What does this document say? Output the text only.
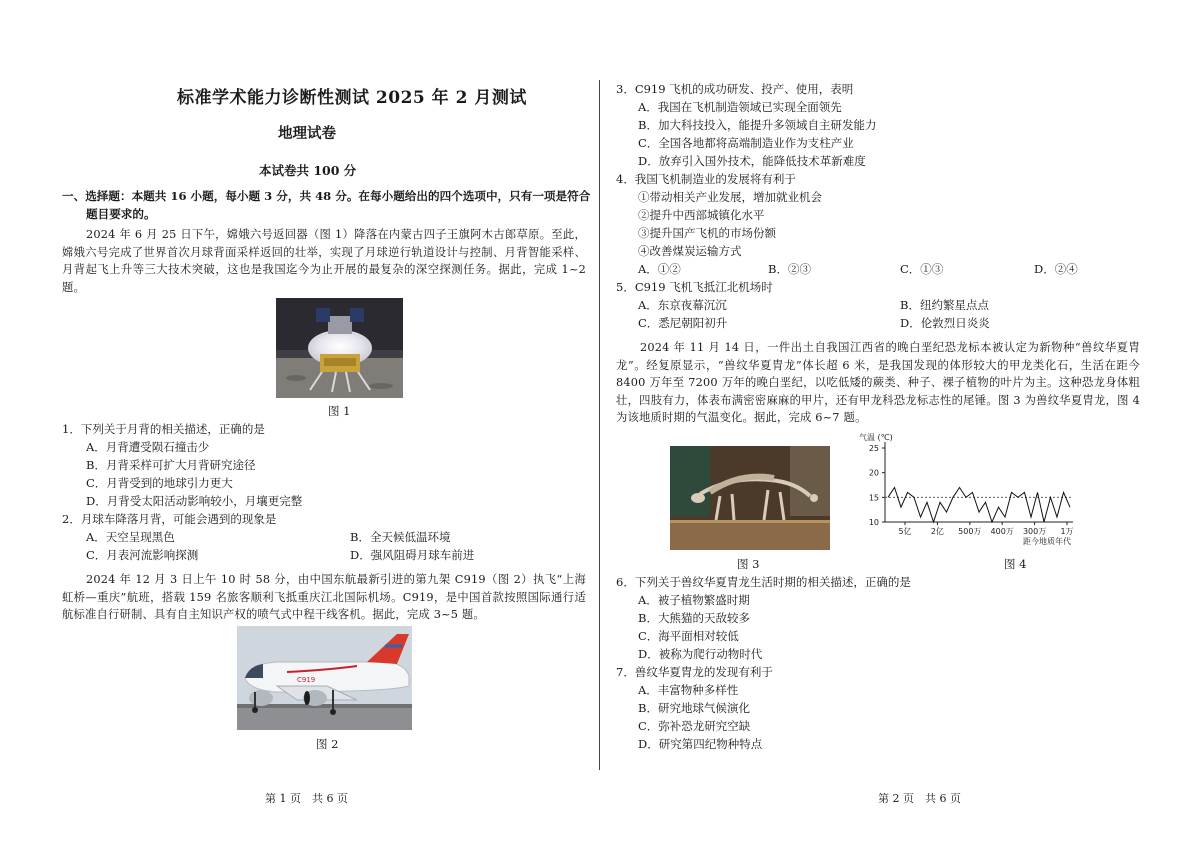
标准学术能力诊断性测试 2025 年 2 月测试
地理试卷
本试卷共 100 分
一、选择题：本题共 16 小题，每小题 3 分，共 48 分。在每小题给出的四个选项中，只有一项是符合
题目要求的。
2024 年 6 月 25 日下午，嫦娥六号返回器（图 1）降落在内蒙古四子王旗阿木古郎草原。至此，嫦娥六号完成了世界首次月球背面采样返回的壮举，实现了月球逆行轨道设计与控制、月背智能采样、月背起飞上升等三大技术突破，这也是我国迄今为止开展的最复杂的深空探测任务。据此，完成 1~2 题。
图 1
1．下列关于月背的相关描述，正确的是
A．月背遭受陨石撞击少
B．月背采样可扩大月背研究途径
C．月背受到的地球引力更大
D．月背受太阳活动影响较小，月壤更完整
2．月球车降落月背，可能会遇到的现象是
A．天空呈现黑色	B．全天候低温环境
C．月表河流影响探测	D．强风阻碍月球车前进
2024 年 12 月 3 日上午 10 时 58 分，由中国东航最新引进的第九架 C919（图 2）执飞“上海虹桥—重庆”航班，搭载 159 名旅客顺利飞抵重庆江北国际机场。C919，是中国首款按照国际通行适航标准自行研制、具有自主知识产权的喷气式中程干线客机。据此，完成 3~5 题。
C919
图 2
第 1 页　共 6 页
3．C919 飞机的成功研发、投产、使用，表明
A．我国在飞机制造领域已实现全面领先
B．加大科技投入，能提升多领域自主研发能力
C．全国各地都将高端制造业作为支柱产业
D．放弃引入国外技术，能降低技术革新难度
4．我国飞机制造业的发展将有利于
①带动相关产业发展，增加就业机会
②提升中西部城镇化水平
③提升国产飞机的市场份额
④改善煤炭运输方式
A．①②	B．②③	C．①③	D．②④
5．C919 飞机飞抵江北机场时
A．东京夜幕沉沉	B．纽约繁星点点
C．悉尼朝阳初升	D．伦敦烈日炎炎
2024 年 11 月 14 日，一件出土自我国江西省的晚白垩纪恐龙标本被认定为新物种“兽纹华夏胄龙”。经复原显示，“兽纹华夏胄龙”体长超 6 米，是我国发现的体形较大的甲龙类化石，生活在距今 8400 万年至 7200 万年的晚白垩纪，以吃低矮的蕨类、种子、裸子植物的叶片为主。这种恐龙身体粗壮，四肢有力，体表布满密密麻麻的甲片，还有甲龙科恐龙标志性的尾锤。图 3 为兽纹华夏胄龙，图 4 为该地质时期的气温变化。据此，完成 6~7 题。
图 3
气温 (℃)
距今地质年代
10
15
20
25
5亿 2亿 500万 400万 300万 1万
图 4
6．下列关于兽纹华夏胄龙生活时期的相关描述，正确的是
A．被子植物繁盛时期
B．大熊猫的天敌较多
C．海平面相对较低
D．被称为爬行动物时代
7．兽纹华夏胄龙的发现有利于
A．丰富物种多样性
B．研究地球气候演化
C．弥补恐龙研究空缺
D．研究第四纪物种特点
第 2 页　共 6 页
